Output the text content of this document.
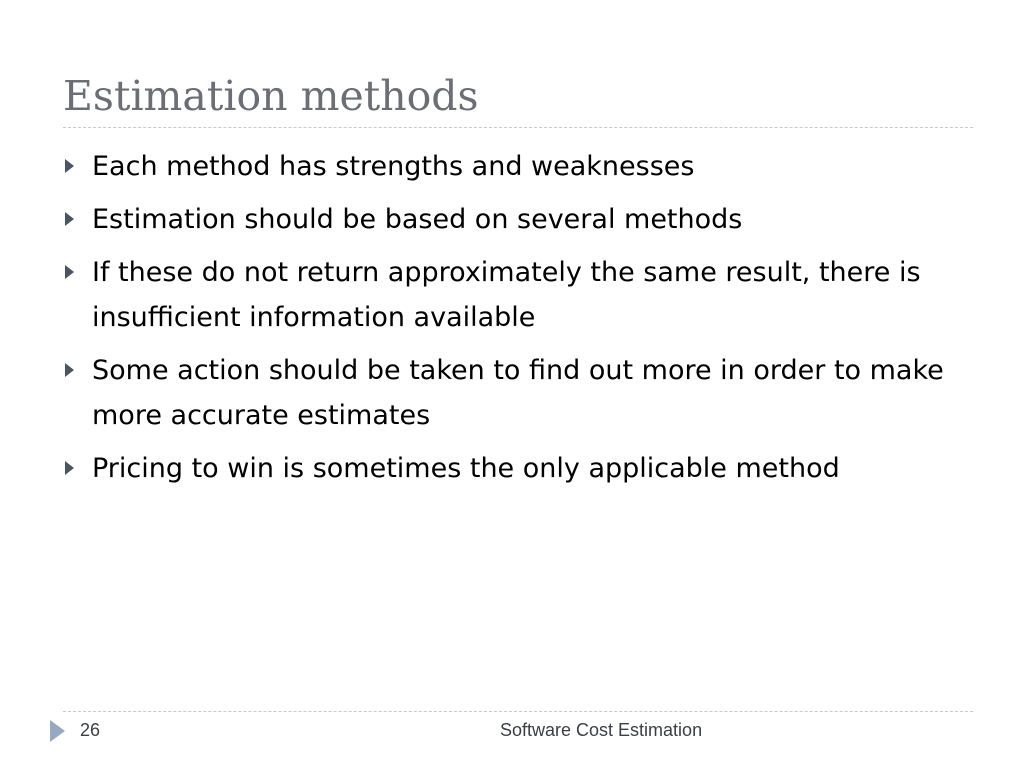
Estimation methods
Each method has strengths and weaknesses
Estimation should be based on several methods
If these do not return approximately the same result, there is insufficient information available
Some action should be taken to find out more in order to make more accurate estimates
Pricing to win is sometimes the only applicable method
26	Software Cost Estimation
